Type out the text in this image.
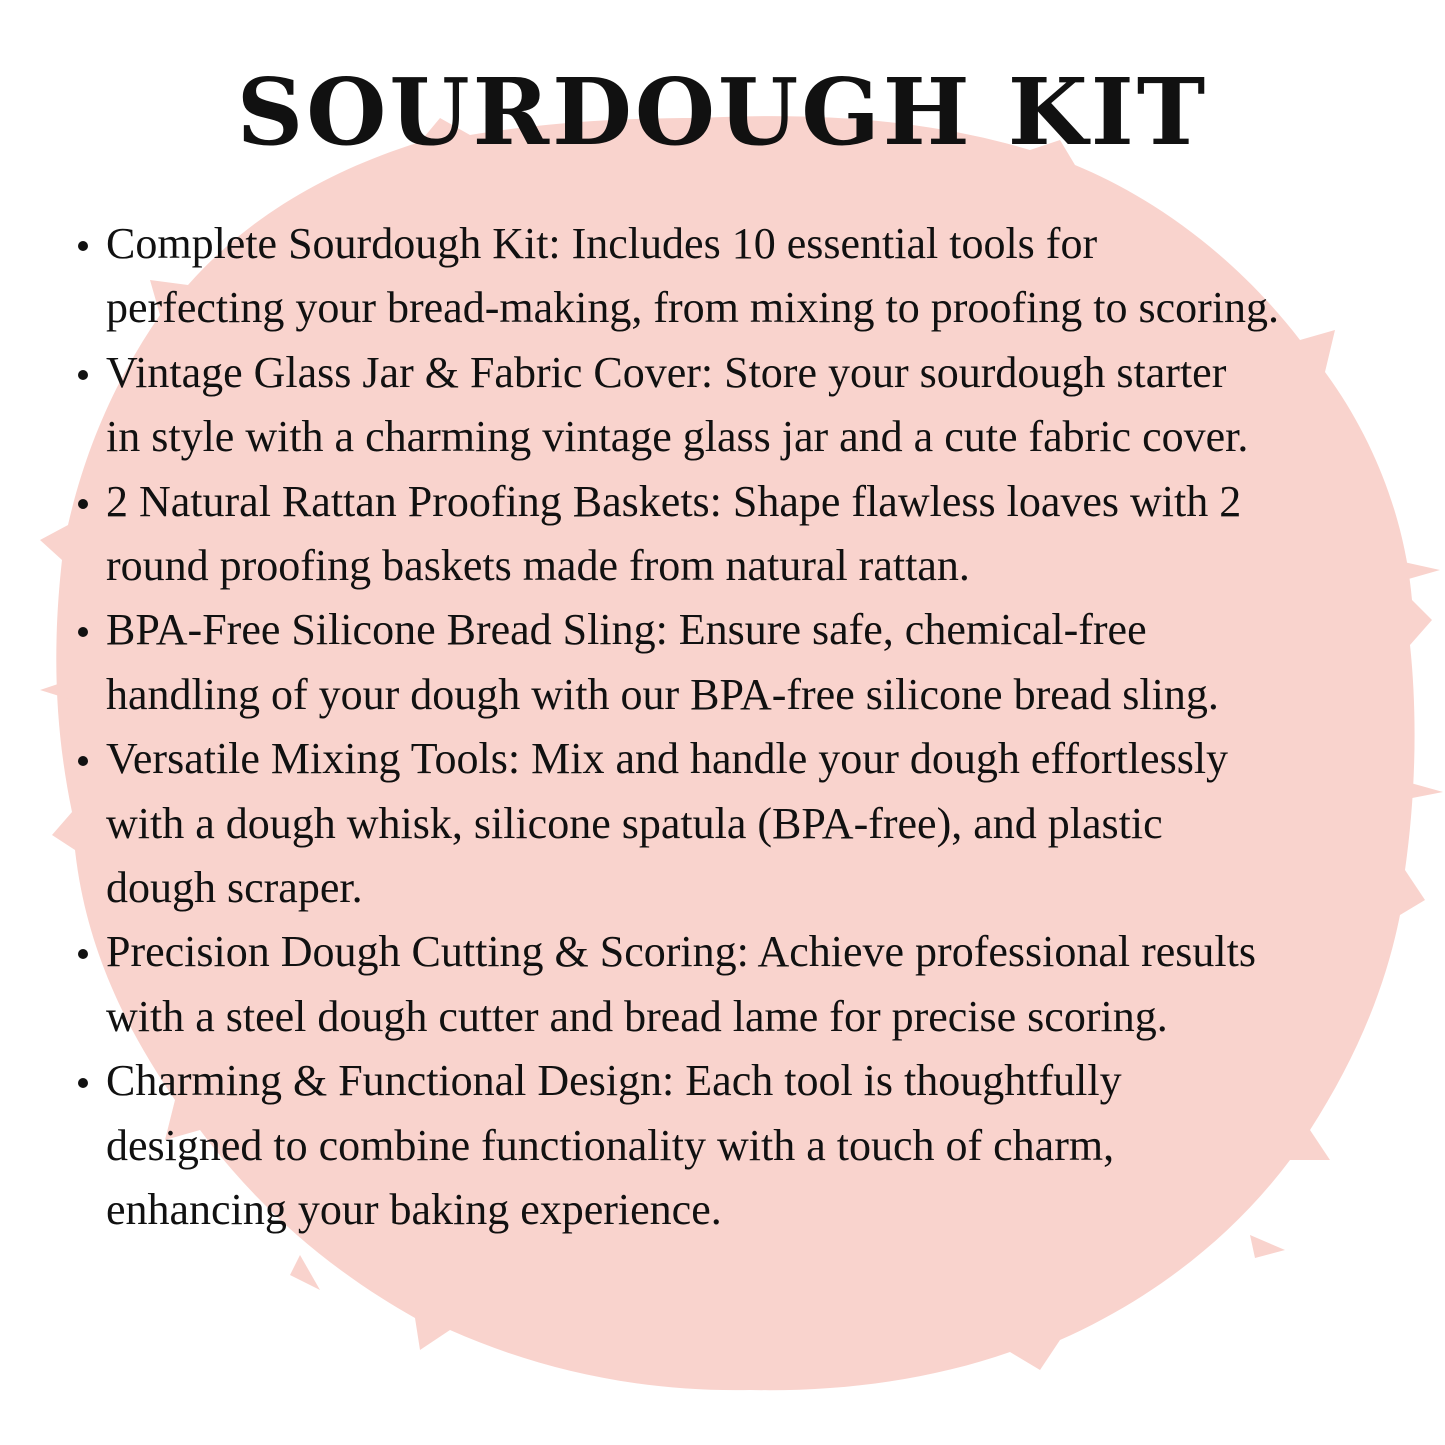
SOURDOUGH KIT
Complete Sourdough Kit: Includes 10 essential tools for
perfecting your bread-making, from mixing to proofing to scoring.
Vintage Glass Jar & Fabric Cover: Store your sourdough starter
in style with a charming vintage glass jar and a cute fabric cover.
2 Natural Rattan Proofing Baskets: Shape flawless loaves with 2
round proofing baskets made from natural rattan.
BPA-Free Silicone Bread Sling: Ensure safe, chemical-free
handling of your dough with our BPA-free silicone bread sling.
Versatile Mixing Tools: Mix and handle your dough effortlessly
with a dough whisk, silicone spatula (BPA-free), and plastic
dough scraper.
Precision Dough Cutting & Scoring: Achieve professional results
with a steel dough cutter and bread lame for precise scoring.
Charming & Functional Design: Each tool is thoughtfully
designed to combine functionality with a touch of charm,
enhancing your baking experience.
